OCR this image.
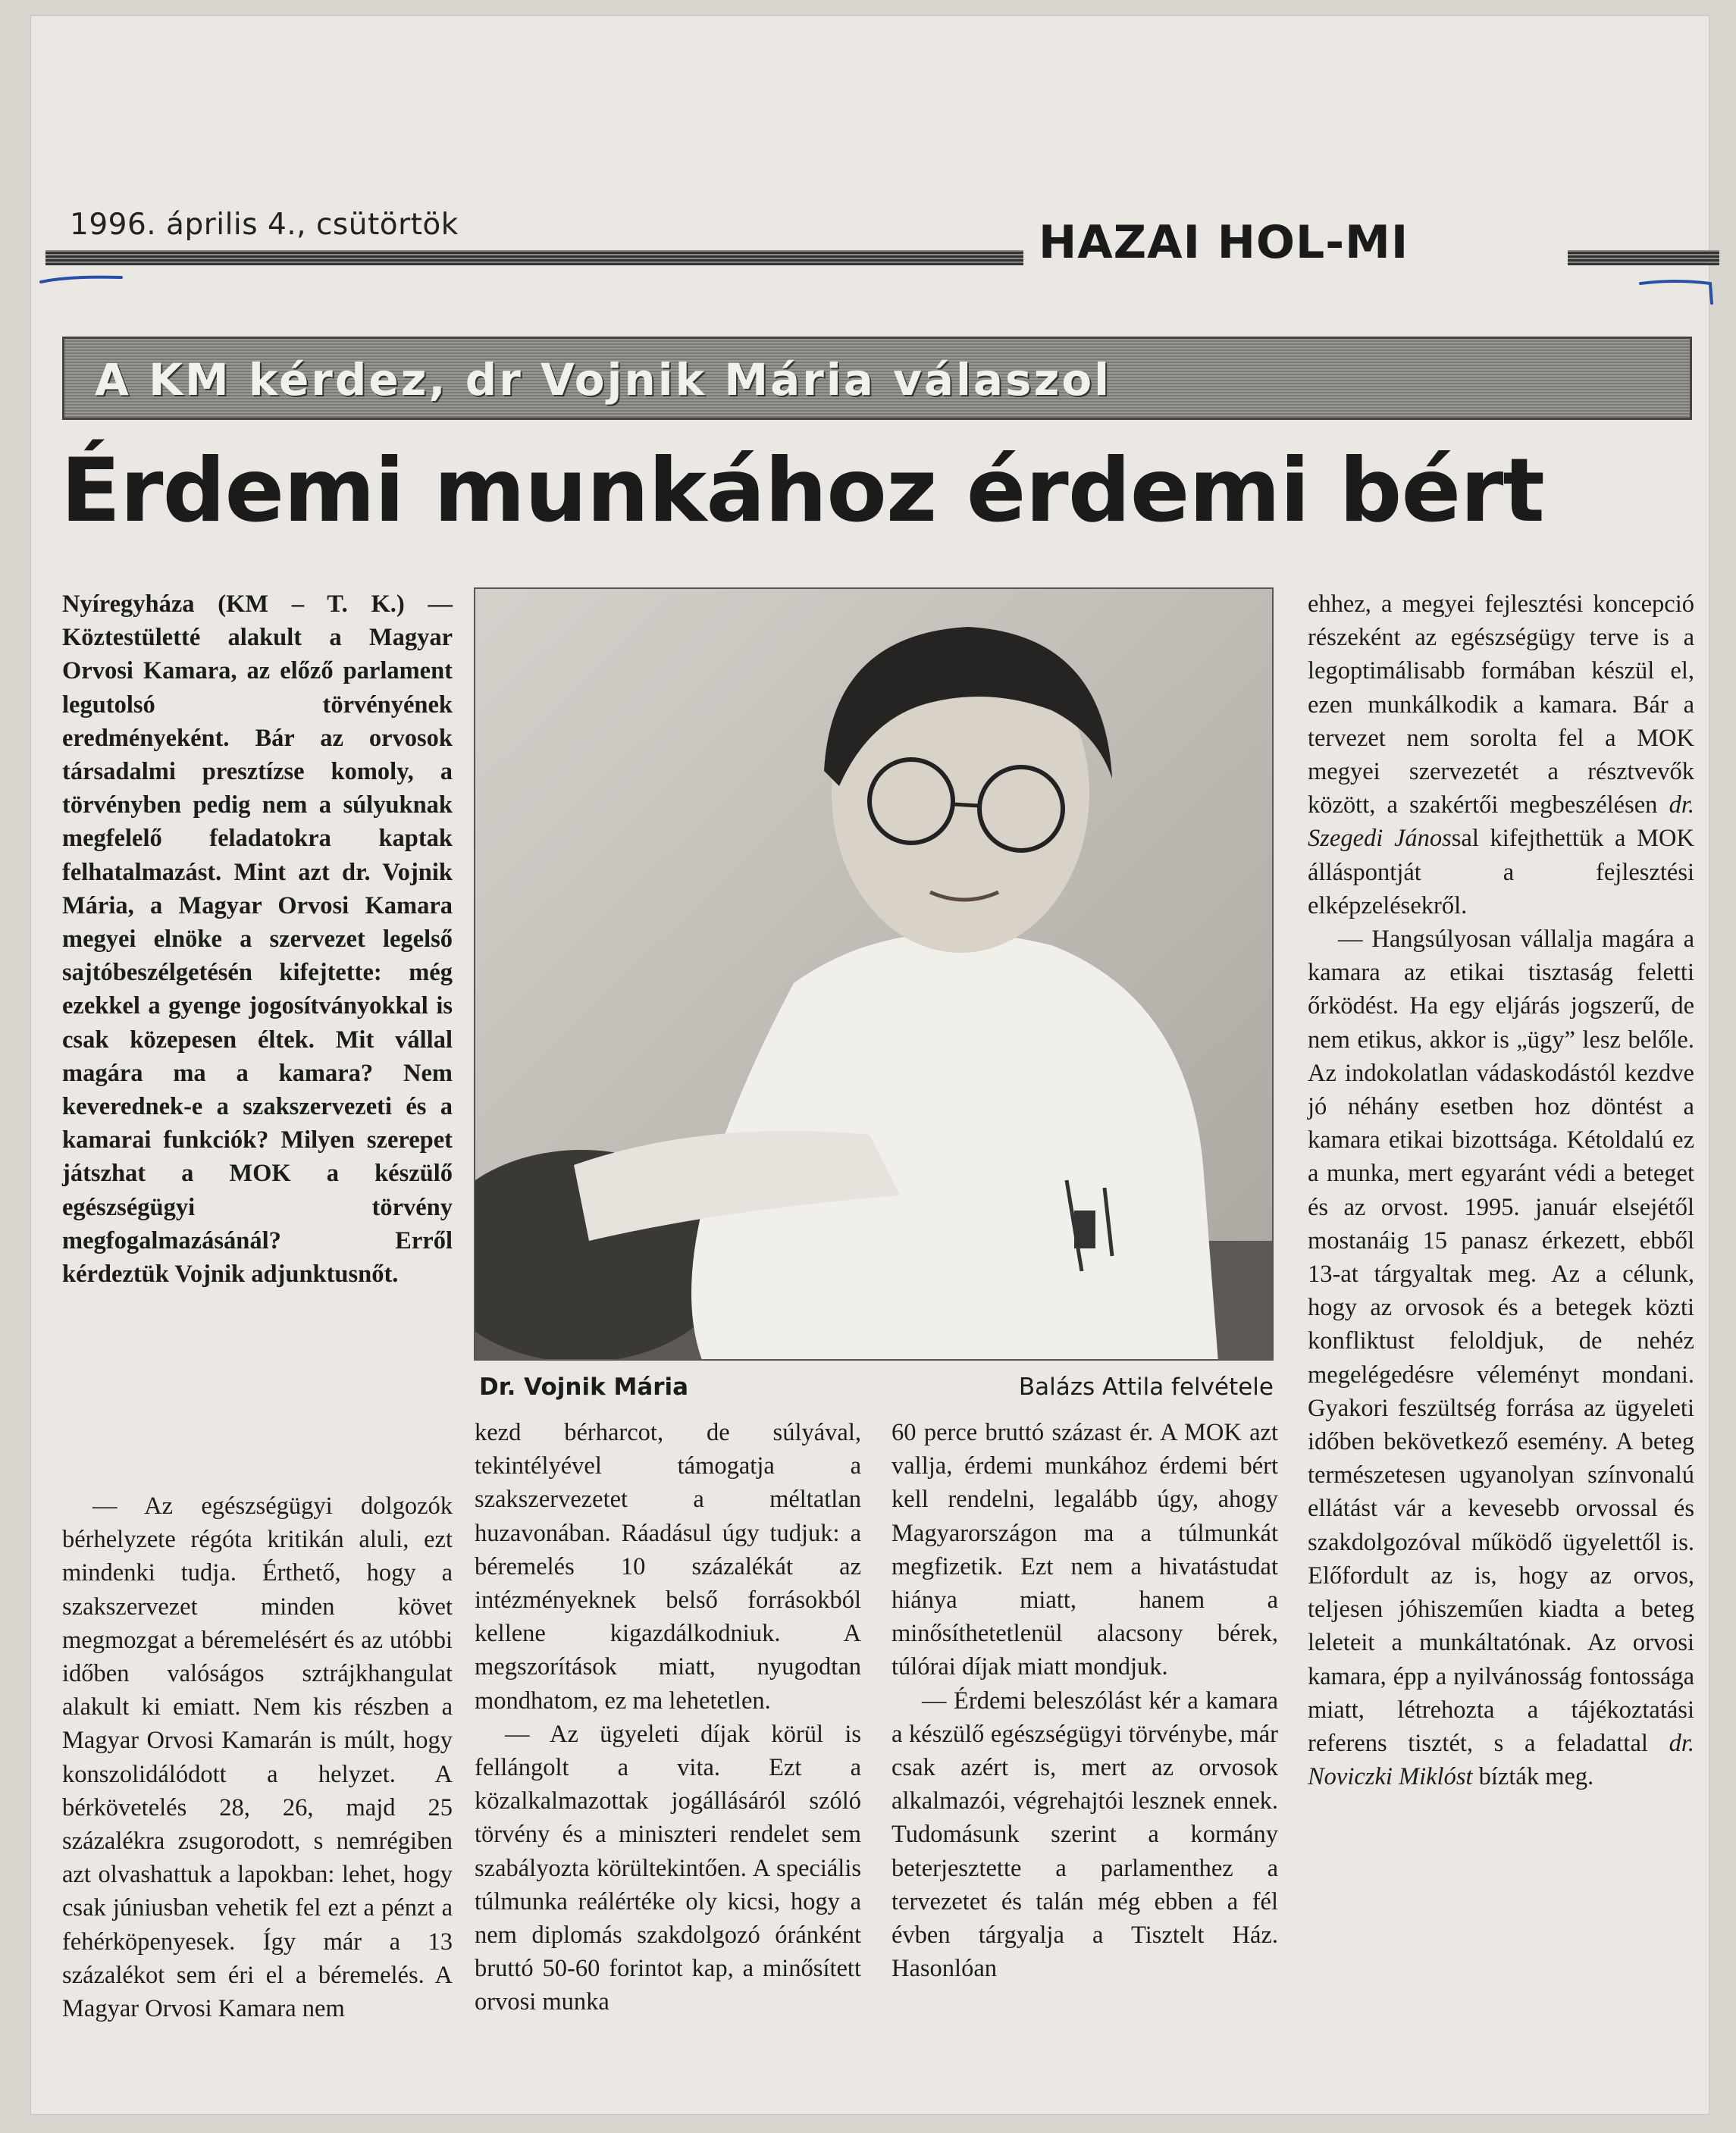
1996. április 4., csütörtök	HAZAI HOL-MI
A KM kérdez, dr Vojnik Mária válaszol
Érdemi munkához érdemi bért
Nyíregyháza (KM – T. K.) — Köztestületté alakult a Magyar Orvosi Kamara, az előző parlament legutolsó törvényének eredményeként. Bár az orvosok társadalmi presztízse komoly, a törvényben pedig nem a súlyuknak megfelelő feladatokra kaptak felhatalmazást. Mint azt dr. Vojnik Mária, a Magyar Orvosi Kamara megyei elnöke a szervezet legelső sajtóbeszélgetésén kifejtette: még ezekkel a gyenge jogosítványokkal is csak közepesen éltek. Mit vállal magára ma a kamara? Nem keverednek-e a szakszervezeti és a kamarai funkciók? Milyen szerepet játszhat a MOK a készülő egészségügyi törvény megfogalmazásánál? Erről kérdeztük Vojnik adjunktusnőt.
Dr. Vojnik Mária	Balázs Attila felvétele

— Az egészségügyi dolgozók bérhelyzete régóta kritikán aluli, ezt mindenki tudja. Érthető, hogy a szakszervezet minden követ megmozgat a béremelésért és az utóbbi időben valóságos sztrájkhangulat alakult ki emiatt. Nem kis részben a Magyar Orvosi Kamarán is múlt, hogy konszolidálódott a helyzet. A bérkövetelés 28, 26, majd 25 százalékra zsugorodott, s nemrégiben azt olvashattuk a lapokban: lehet, hogy csak júniusban vehetik fel ezt a pénzt a fehérköpenyesek. Így már a 13 százalékot sem éri el a béremelés. A Magyar Orvosi Kamara nem

kezd bérharcot, de súlyával, tekintélyével támogatja a szakszervezetet a méltatlan huzavonában. Ráadásul úgy tudjuk: a béremelés 10 százalékát az intézményeknek belső forrásokból kellene kigazdálkodniuk. A megszorítások miatt, nyugodtan mondhatom, ez ma lehetetlen.

— Az ügyeleti díjak körül is fellángolt a vita. Ezt a közalkalmazottak jogállásáról szóló törvény és a miniszteri rendelet sem szabályozta körültekintően. A speciális túlmunka reálértéke oly kicsi, hogy a nem diplomás szakdolgozó óránként bruttó 50-60 forintot kap, a minősített orvosi munka

60 perce bruttó százast ér. A MOK azt vallja, érdemi munkához érdemi bért kell rendelni, legalább úgy, ahogy Magyarországon ma a túlmunkát megfizetik. Ezt nem a hivatástudat hiánya miatt, hanem a minősíthetetlenül alacsony bérek, túlórai díjak miatt mondjuk.

— Érdemi beleszólást kér a kamara a készülő egészségügyi törvénybe, már csak azért is, mert az orvosok alkalmazói, végrehajtói lesznek ennek. Tudomásunk szerint a kormány beterjesztette a parlamenthez a tervezetet és talán még ebben a fél évben tárgyalja a Tisztelt Ház. Hasonlóan

ehhez, a megyei fejlesztési koncepció részeként az egészségügy terve is a legoptimálisabb formában készül el, ezen munkálkodik a kamara. Bár a tervezet nem sorolta fel a MOK megyei szervezetét a résztvevők között, a szakértői megbeszélésen dr. Szegedi Jánossal kifejthettük a MOK álláspontját a fejlesztési elképzelésekről.

— Hangsúlyosan vállalja magára a kamara az etikai tisztaság feletti őrködést. Ha egy eljárás jogszerű, de nem etikus, akkor is „ügy” lesz belőle. Az indokolatlan vádaskodástól kezdve jó néhány esetben hoz döntést a kamara etikai bizottsága. Kétoldalú ez a munka, mert egyaránt védi a beteget és az orvost. 1995. január elsejétől mostanáig 15 panasz érkezett, ebből 13-at tárgyaltak meg. Az a célunk, hogy az orvosok és a betegek közti konfliktust feloldjuk, de nehéz megelégedésre véleményt mondani. Gyakori feszültség forrása az ügyeleti időben bekövetkező esemény. A beteg természetesen ugyanolyan színvonalú ellátást vár a kevesebb orvossal és szakdolgozóval működő ügyelettől is. Előfordult az is, hogy az orvos, teljesen jóhiszeműen kiadta a beteg leleteit a munkáltatónak. Az orvosi kamara, épp a nyilvánosság fontossága miatt, létrehozta a tájékoztatási referens tisztét, s a feladattal dr. Noviczki Miklóst bízták meg.
